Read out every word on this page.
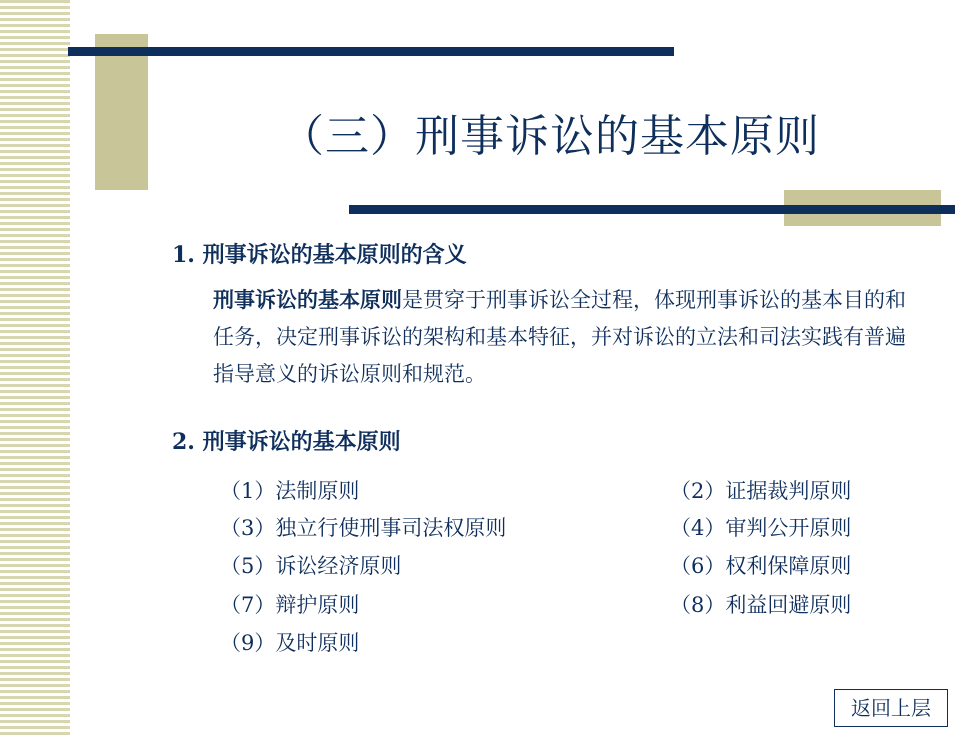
（三）刑事诉讼的基本原则
1. 刑事诉讼的基本原则的含义
刑事诉讼的基本原则是贯穿于刑事诉讼全过程，体现刑事诉讼的基本目的和任务，决定刑事诉讼的架构和基本特征，并对诉讼的立法和司法实践有普遍指导意义的诉讼原则和规范。
2. 刑事诉讼的基本原则
（1）法制原则	（2）证据裁判原则
（3）独立行使刑事司法权原则	（4）审判公开原则
（5）诉讼经济原则	（6）权利保障原则
（7）辩护原则	（8）利益回避原则
（9）及时原则
返回上层
